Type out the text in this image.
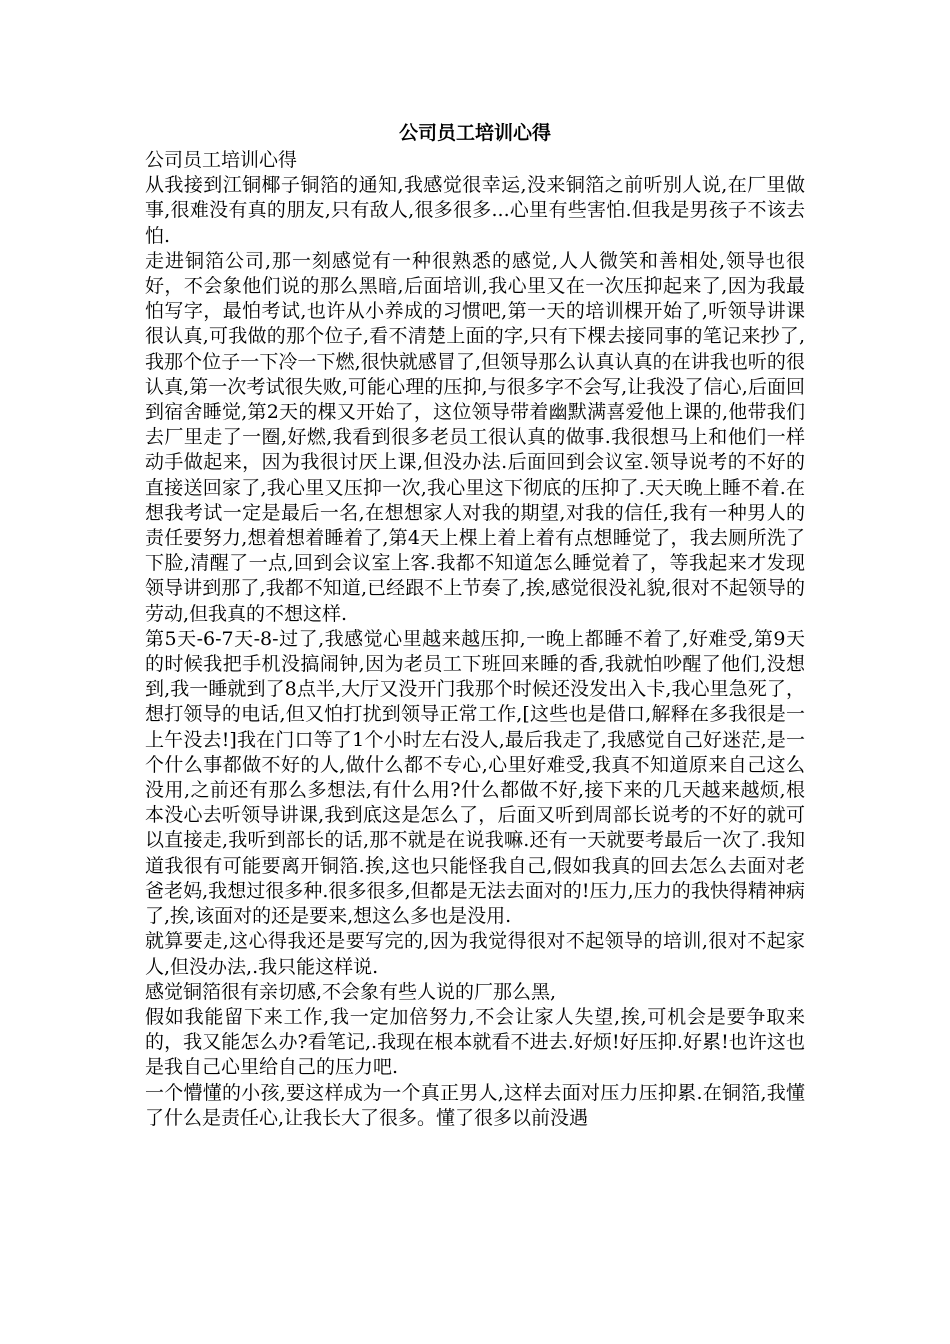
公司员工培训心得

公司员工培训心得

从我接到江铜椰子铜箔的通知,我感觉很幸运,没来铜箔之前听别人说,在厂里做事,很难没有真的朋友,只有敌人,很多很多...心里有些害怕.但我是男孩子不该去怕.

走进铜箔公司,那一刻感觉有一种很熟悉的感觉,人人微笑和善相处,领导也很好，不会象他们说的那么黑暗,后面培训,我心里又在一次压抑起来了,因为我最怕写字，最怕考试,也许从小养成的习惯吧,第一天的培训棵开始了,听领导讲课很认真,可我做的那个位子,看不清楚上面的字,只有下棵去接同事的笔记来抄了,我那个位子一下冷一下燃,很快就感冒了,但领导那么认真认真的在讲我也听的很认真,第一次考试很失败,可能心理的压抑,与很多字不会写,让我没了信心,后面回到宿舍睡觉,第2天的棵又开始了，这位领导带着幽默满喜爱他上课的,他带我们去厂里走了一圈,好燃,我看到很多老员工很认真的做事.我很想马上和他们一样动手做起来，因为我很讨厌上课,但没办法.后面回到会议室.领导说考的不好的直接送回家了,我心里又压抑一次,我心里这下彻底的压抑了.天天晚上睡不着.在想我考试一定是最后一名,在想想家人对我的期望,对我的信任,我有一种男人的责任要努力,想着想着睡着了,第4天上棵上着上着有点想睡觉了，我去厕所洗了下脸,清醒了一点,回到会议室上客.我都不知道怎么睡觉着了，等我起来才发现领导讲到那了,我都不知道,已经跟不上节奏了,挨,感觉很没礼貌,很对不起领导的劳动,但我真的不想这样.

第5天-6-7天-8-过了,我感觉心里越来越压抑,一晚上都睡不着了,好难受,第9天的时候我把手机没搞闹钟,因为老员工下班回来睡的香,我就怕吵醒了他们,没想到,我一睡就到了8点半,大厅又没开门我那个时候还没发出入卡,我心里急死了，想打领导的电话,但又怕打扰到领导正常工作,[这些也是借口,解释在多我很是一上午没去!]我在门口等了1个小时左右没人,最后我走了,我感觉自己好迷茫,是一个什么事都做不好的人,做什么都不专心,心里好难受,我真不知道原来自己这么没用,之前还有那么多想法,有什么用?什么都做不好,接下来的几天越来越烦,根本没心去听领导讲课,我到底这是怎么了，后面又听到周部长说考的不好的就可以直接走,我听到部长的话,那不就是在说我嘛.还有一天就要考最后一次了.我知道我很有可能要离开铜箔.挨,这也只能怪我自己,假如我真的回去怎么去面对老爸老妈,我想过很多种.很多很多,但都是无法去面对的!压力,压力的我快得精神病了,挨,该面对的还是要来,想这么多也是没用.

就算要走,这心得我还是要写完的,因为我觉得很对不起领导的培训,很对不起家人,但没办法,.我只能这样说.

感觉铜箔很有亲切感,不会象有些人说的厂那么黑,

假如我能留下来工作,我一定加倍努力,不会让家人失望,挨,可机会是要争取来的，我又能怎么办?看笔记,.我现在根本就看不进去.好烦!好压抑.好累!也许这也是我自己心里给自己的压力吧.

一个懵懂的小孩,要这样成为一个真正男人,这样去面对压力压抑累.在铜箔,我懂了什么是责任心,让我长大了很多。懂了很多以前没遇
